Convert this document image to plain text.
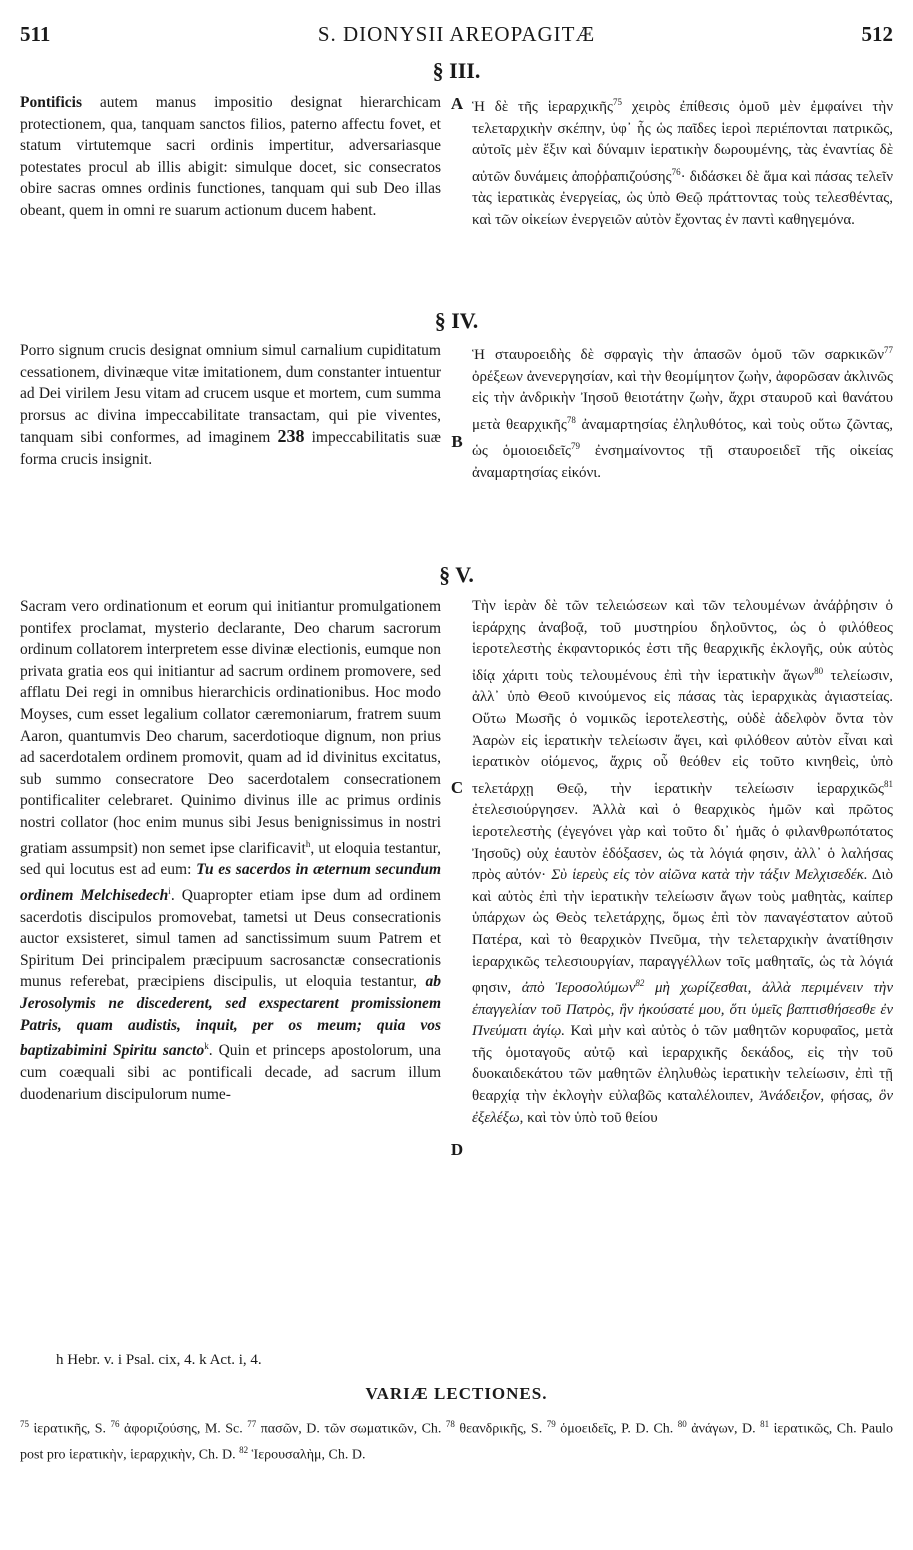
511	S. DIONYSII AREOPAGITÆ	512
§ III.

Pontificis autem manus impositio designat hierarchicam protectionem, qua, tanquam sanctos filios, paterno affectu fovet, et statum virtutemque sacri ordinis impertitur, adversariasque potestates procul ab illis abigit: simulque docet, sic consecratos obire sacras omnes ordinis functiones, tanquam qui sub Deo illas obeant, quem in omni re suarum actionum ducem habent.

Ἡ δὲ τῆς ἱεραρχικῆς$^{75}$ χειρὸς ἐπίθεσις ὁμοῦ μὲν ἐμφαίνει τὴν τελεταρχικὴν σκέπην, ὑφ᾽ ἧς ὡς παῖδες ἱεροὶ περιέπονται πατρικῶς, αὐτοῖς μὲν ἕξιν καὶ δύναμιν ἱερατικὴν δωρουμένης, τὰς ἐναντίας δὲ αὐτῶν δυνάμεις ἀποῤῥαπιζούσης$^{76}$· διδάσκει δὲ ἅμα καὶ πάσας τελεῖν τὰς ἱερατικὰς ἐνεργείας, ὡς ὑπὸ Θεῷ πράττοντας τοὺς τελεσθέντας, καὶ τῶν οἰκείων ἐνεργειῶν αὐτὸν ἔχοντας ἐν παντὶ καθηγεμόνα.

A
§ IV.

Porro signum crucis designat omnium simul carnalium cupiditatum cessationem, divinæque vitæ imitationem, dum constanter intuentur ad Dei virilem Jesu vitam ad crucem usque et mortem, cum summa prorsus ac divina impeccabilitate transactam, qui pie viventes, tanquam sibi conformes, ad imaginem 238 impeccabilitatis suæ forma crucis insignit.

Ἡ σταυροειδὴς δὲ σφραγὶς τὴν ἁπασῶν ὁμοῦ τῶν σαρκικῶν$^{77}$ ὀρέξεων ἀνενεργησίαν, καὶ τὴν θεομίμητον ζωὴν, ἀφορῶσαν ἀκλινῶς εἰς τὴν ἀνδρικὴν Ἰησοῦ θειοτάτην ζωὴν, ἄχρι σταυροῦ καὶ θανάτου μετὰ θεαρχικῆς$^{78}$ ἀναμαρτησίας ἐληλυθότος, καὶ τοὺς οὕτω ζῶντας, ὡς ὁμοιοειδεῖς$^{79}$ ἐνσημαίνοντος τῇ σταυροειδεῖ τῆς οἰκείας ἀναμαρτησίας εἰκόνι.

B
§ V.

Sacram vero ordinationum et eorum qui initiantur promulgationem pontifex proclamat, mysterio declarante, Deo charum sacrorum ordinum collatorem interpretem esse divinæ electionis, eumque non privata gratia eos qui initiantur ad sacrum ordinem promovere, sed afflatu Dei regi in omnibus hierarchicis ordinationibus. Hoc modo Moyses, cum esset legalium collator cæremoniarum, fratrem suum Aaron, quantumvis Deo charum, sacerdotioque dignum, non prius ad sacerdotalem ordinem promovit, quam ad id divinitus excitatus, sub summo consecratore Deo sacerdotalem consecrationem pontificaliter celebraret. Quinimo divinus ille ac primus ordinis nostri collator (hoc enim munus sibi Jesus benignissimus in nostri gratiam assumpsit) non semet ipse clarificavit$^h$, ut eloquia testantur, sed qui locutus est ad eum: Tu es sacerdos in æternum secundum ordinem Melchisedech$^i$. Quapropter etiam ipse dum ad ordinem sacerdotis discipulos promovebat, tametsi ut Deus consecrationis auctor exsisteret, simul tamen ad sanctissimum suum Patrem et Spiritum Dei principalem præcipuum sacrosanctæ consecrationis munus referebat, præcipiens discipulis, ut eloquia testantur, ab Jerosolymis ne discederent, sed exspectarent promissionem Patris, quam audistis, inquit, per os meum; quia vos baptizabimini Spiritu sancto$^k$. Quin et princeps apostolorum, una cum coæquali sibi ac pontificali decade, ad sacrum illum duodenarium discipulorum nume-

Τὴν ἱερὰν δὲ τῶν τελειώσεων καὶ τῶν τελουμένων ἀνάῤῥησιν ὁ ἱεράρχης ἀναβοᾷ, τοῦ μυστηρίου δηλοῦντος, ὡς ὁ φιλόθεος ἱεροτελεστὴς ἐκφαντορικός ἐστι τῆς θεαρχικῆς ἐκλογῆς, οὐκ αὐτὸς ἰδίᾳ χάριτι τοὺς τελουμένους ἐπὶ τὴν ἱερατικὴν ἄγων$^{80}$ τελείωσιν, ἀλλ᾽ ὑπὸ Θεοῦ κινούμενος εἰς πάσας τὰς ἱεραρχικὰς ἁγιαστείας. Οὕτω Μωσῆς ὁ νομικῶς ἱεροτελεστὴς, οὐδὲ ἀδελφὸν ὄντα τὸν Ἀαρὼν εἰς ἱερατικὴν τελείωσιν ἄγει, καὶ φιλόθεον αὐτὸν εἶναι καὶ ἱερατικὸν οἰόμενος, ἄχρις οὗ θεόθεν εἰς τοῦτο κινηθεὶς, ὑπὸ τελετάρχῃ Θεῷ, τὴν ἱερατικὴν τελείωσιν ἱεραρχικῶς$^{81}$ ἐτελεσιούργησεν. Ἀλλὰ καὶ ὁ θεαρχικὸς ἡμῶν καὶ πρῶτος ἱεροτελεστὴς (ἐγεγόνει γὰρ καὶ τοῦτο δι᾽ ἡμᾶς ὁ φιλανθρωπότατος Ἰησοῦς) οὐχ ἑαυτὸν ἐδόξασεν, ὡς τὰ λόγιά φησιν, ἀλλ᾽ ὁ λαλήσας πρὸς αὐτόν· Σὺ ἱερεὺς εἰς τὸν αἰῶνα κατὰ τὴν τάξιν Μελχισεδέκ. Διὸ καὶ αὐτὸς ἐπὶ τὴν ἱερατικὴν τελείωσιν ἄγων τοὺς μαθητὰς, καίπερ ὑπάρχων ὡς Θεὸς τελετάρχης, ὅμως ἐπὶ τὸν παναγέστατον αὐτοῦ Πατέρα, καὶ τὸ θεαρχικὸν Πνεῦμα, τὴν τελεταρχικὴν ἀνατίθησιν ἱεραρχικῶς τελεσιουργίαν, παραγγέλλων τοῖς μαθηταῖς, ὡς τὰ λόγιά φησιν, ἀπὸ Ἱεροσολύμων$^{82}$ μὴ χωρίζεσθαι, ἀλλὰ περιμένειν τὴν ἐπαγγελίαν τοῦ Πατρὸς, ἣν ἠκούσατέ μου, ὅτι ὑμεῖς βαπτισθήσεσθε ἐν Πνεύματι ἁγίῳ. Καὶ μὴν καὶ αὐτὸς ὁ τῶν μαθητῶν κορυφαῖος, μετὰ τῆς ὁμοταγοῦς αὐτῷ καὶ ἱεραρχικῆς δεκάδος, εἰς τὴν τοῦ δυοκαιδεκάτου τῶν μαθητῶν ἐληλυθὼς ἱερατικὴν τελείωσιν, ἐπὶ τῇ θεαρχίᾳ τὴν ἐκλογὴν εὐλαβῶς καταλέλοιπεν, Ἀνάδειξον, φήσας, ὃν ἐξελέξω, καὶ τὸν ὑπὸ τοῦ θείου

C
D
h Hebr. v. i Psal. cix, 4. k Act. i, 4.
VARIÆ LECTIONES.

$^{75}$ ἱερατικῆς, S. $^{76}$ ἀφοριζούσης, M. Sc. $^{77}$ πασῶν, D. τῶν σωματικῶν, Ch. $^{78}$ θεανδρικῆς, S. $^{79}$ ὁμοειδεῖς, P. D. Ch. $^{80}$ ἀνάγων, D. $^{81}$ ἱερατικῶς, Ch. Paulo post pro ἱερατικὴν, ἱεραρχικὴν, Ch. D. $^{82}$ Ἱερουσαλὴμ, Ch. D.
